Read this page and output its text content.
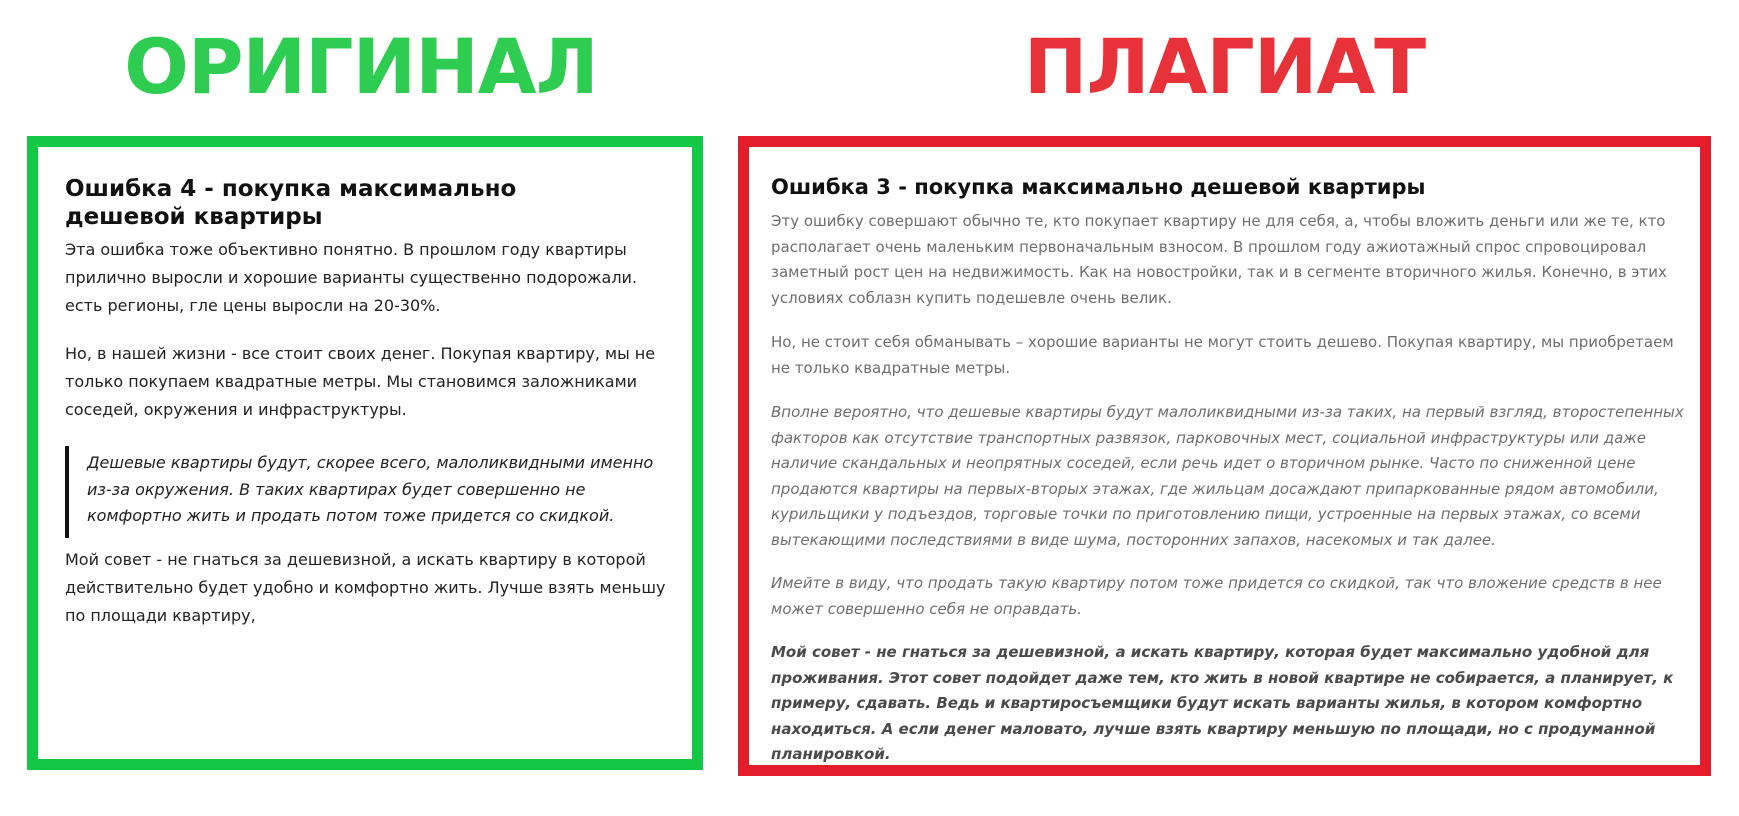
ОРИГИНАЛ	ПЛАГИАТ
Ошибка 4 - покупка максимально дешевой квартиры

Эта ошибка тоже объективно понятно. В прошлом году квартиры прилично выросли и хорошие варианты существенно подорожали. есть регионы, гле цены выросли на 20-30%.

Но, в нашей жизни - все стоит своих денег. Покупая квартиру, мы не только покупаем квадратные метры. Мы становимся заложниками соседей, окружения и инфраструктуры.

Дешевые квартиры будут, скорее всего, малоликвидными именно из-за окружения. В таких квартирах будет совершенно не комфортно жить и продать потом тоже придется со скидкой.

Мой совет - не гнаться за дешевизной, а искать квартиру в которой действительно будет удобно и комфортно жить. Лучше взять меньшу по площади квартиру,

Ошибка 3 - покупка максимально дешевой квартиры

Эту ошибку совершают обычно те, кто покупает квартиру не для себя, а, чтобы вложить деньги или же те, кто располагает очень маленьким первоначальным взносом. В прошлом году ажиотажный спрос спровоцировал заметный рост цен на недвижимость. Как на новостройки, так и в сегменте вторичного жилья. Конечно, в этих условиях соблазн купить подешевле очень велик.

Но, не стоит себя обманывать – хорошие варианты не могут стоить дешево. Покупая квартиру, мы приобретаем не только квадратные метры.

Вполне вероятно, что дешевые квартиры будут малоликвидными из-за таких, на первый взгляд, второстепенных факторов как отсутствие транспортных развязок, парковочных мест, социальной инфраструктуры или даже наличие скандальных и неопрятных соседей, если речь идет о вторичном рынке. Часто по сниженной цене продаются квартиры на первых-вторых этажах, где жильцам досаждают припаркованные рядом автомобили, курильщики у подъездов, торговые точки по приготовлению пищи, устроенные на первых этажах, со всеми вытекающими последствиями в виде шума, посторонних запахов, насекомых и так далее.

Имейте в виду, что продать такую квартиру потом тоже придется со скидкой, так что вложение средств в нее может совершенно себя не оправдать.

Мой совет - не гнаться за дешевизной, а искать квартиру, которая будет максимально удобной для проживания. Этот совет подойдет даже тем, кто жить в новой квартире не собирается, а планирует, к примеру, сдавать. Ведь и квартиросъемщики будут искать варианты жилья, в котором комфортно находиться. А если денег маловато, лучше взять квартиру меньшую по площади, но с продуманной планировкой.
